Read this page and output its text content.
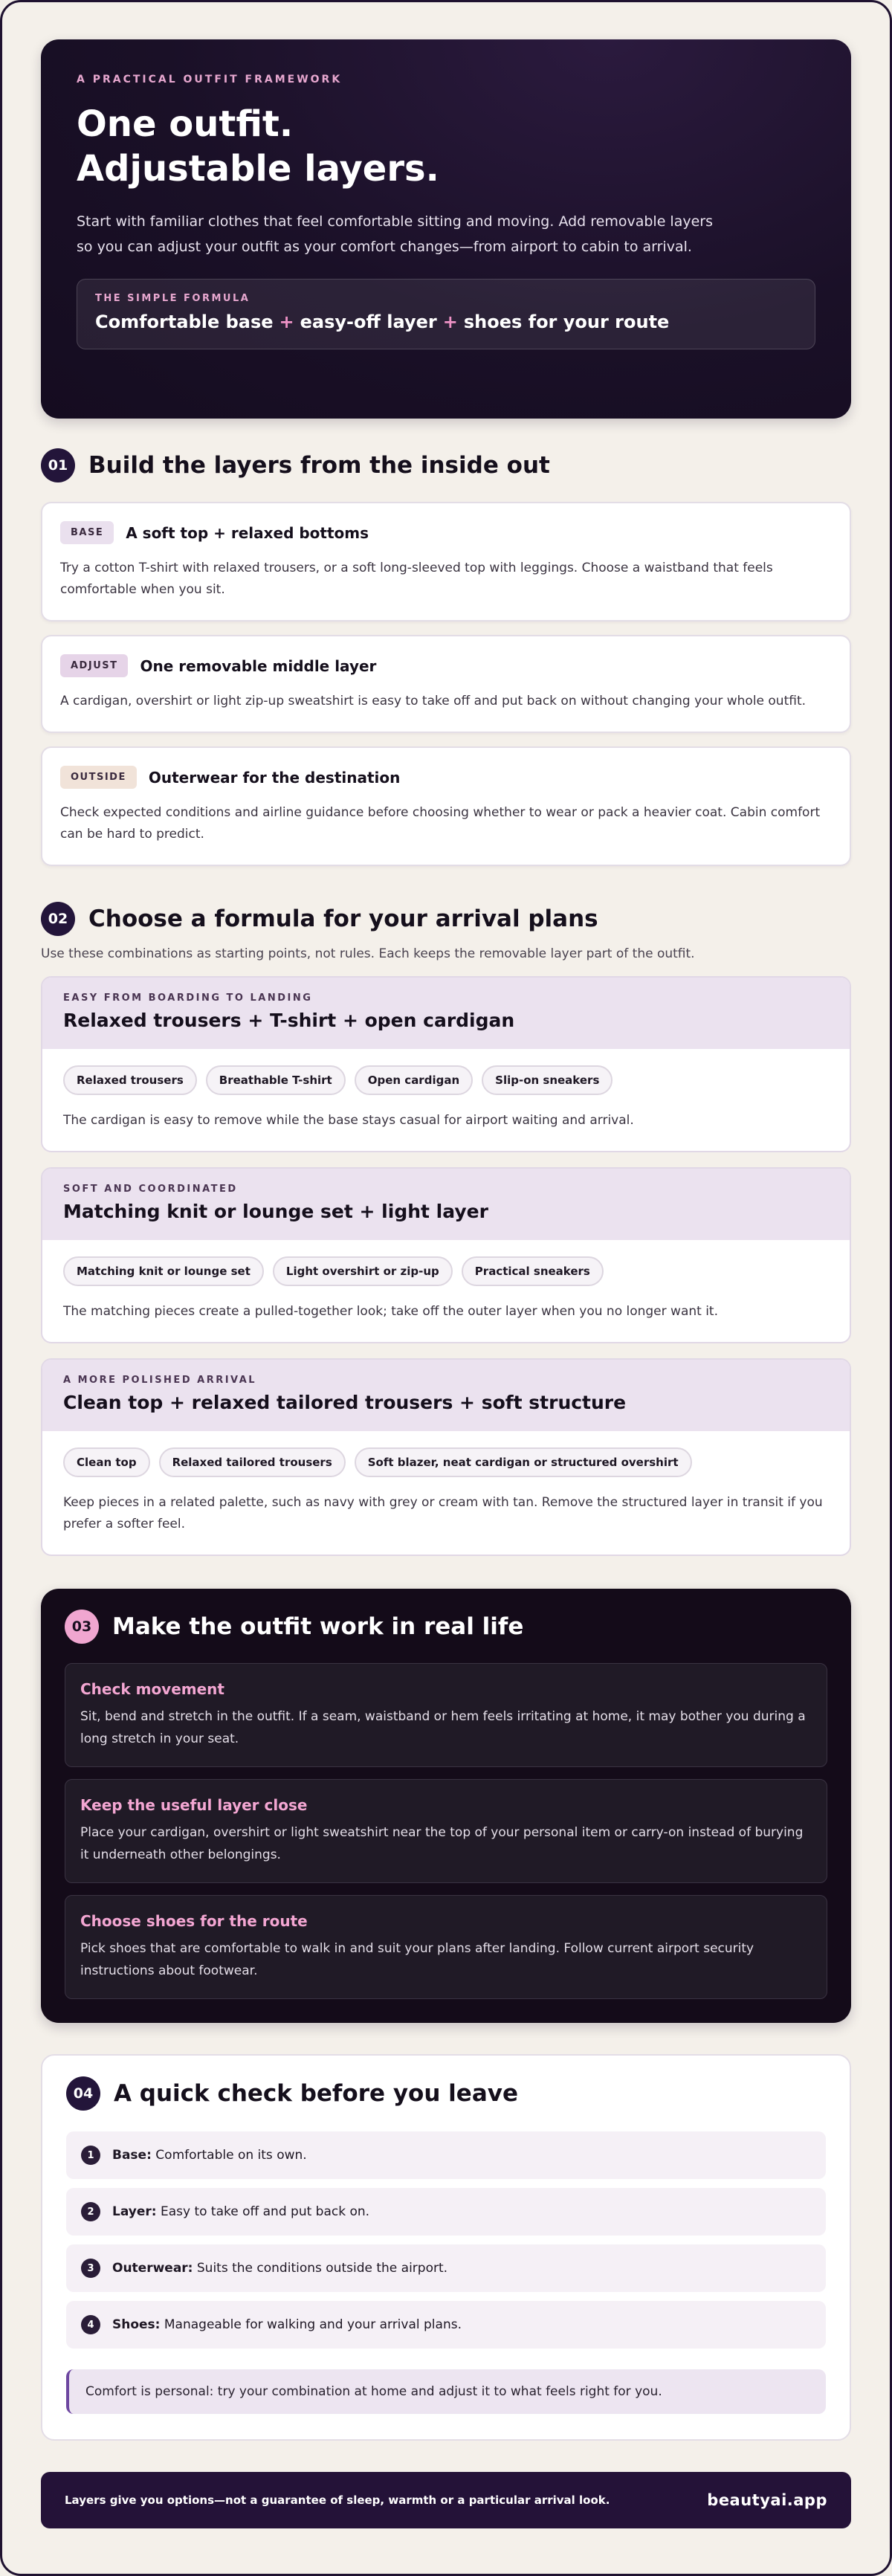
A PRACTICAL OUTFIT FRAMEWORK
One outfit.
Adjustable layers.

Start with familiar clothes that feel comfortable sitting and moving. Add removable layers so you can adjust your outfit as your comfort changes—from airport to cabin to arrival.

THE SIMPLE FORMULA
Comfortable base + easy-off layer + shoes for your route
01 Build the layers from the inside out
BASE	A soft top + relaxed bottoms

Try a cotton T-shirt with relaxed trousers, or a soft long-sleeved top with leggings. Choose a waistband that feels comfortable when you sit.

ADJUST	One removable middle layer

A cardigan, overshirt or light zip-up sweatshirt is easy to take off and put back on without changing your whole outfit.

OUTSIDE	Outerwear for the destination

Check expected conditions and airline guidance before choosing whether to wear or pack a heavier coat. Cabin comfort can be hard to predict.

02 Choose a formula for your arrival plans

Use these combinations as starting points, not rules. Each keeps the removable layer part of the outfit.

EASY FROM BOARDING TO LANDING
Relaxed trousers + T-shirt + open cardigan
Relaxed trousers	Breathable T-shirt	Open cardigan	Slip-on sneakers

The cardigan is easy to remove while the base stays casual for airport waiting and arrival.

SOFT AND COORDINATED
Matching knit or lounge set + light layer
Matching knit or lounge set	Light overshirt or zip-up	Practical sneakers

The matching pieces create a pulled-together look; take off the outer layer when you no longer want it.

A MORE POLISHED ARRIVAL
Clean top + relaxed tailored trousers + soft structure
Clean top	Relaxed tailored trousers	Soft blazer, neat cardigan or structured overshirt

Keep pieces in a related palette, such as navy with grey or cream with tan. Remove the structured layer in transit if you prefer a softer feel.

03 Make the outfit work in real life
Check movement

Sit, bend and stretch in the outfit. If a seam, waistband or hem feels irritating at home, it may bother you during a long stretch in your seat.

Keep the useful layer close

Place your cardigan, overshirt or light sweatshirt near the top of your personal item or carry-on instead of burying it underneath other belongings.

Choose shoes for the route

Pick shoes that are comfortable to walk in and suit your plans after landing. Follow current airport security instructions about footwear.

04 A quick check before you leave
1	Base: Comfortable on its own.
2	Layer: Easy to take off and put back on.
3	Outerwear: Suits the conditions outside the airport.
4	Shoes: Manageable for walking and your arrival plans.
Comfort is personal: try your combination at home and adjust it to what feels right for you.
Layers give you options—not a guarantee of sleep, warmth or a particular arrival look.	beautyai.app
